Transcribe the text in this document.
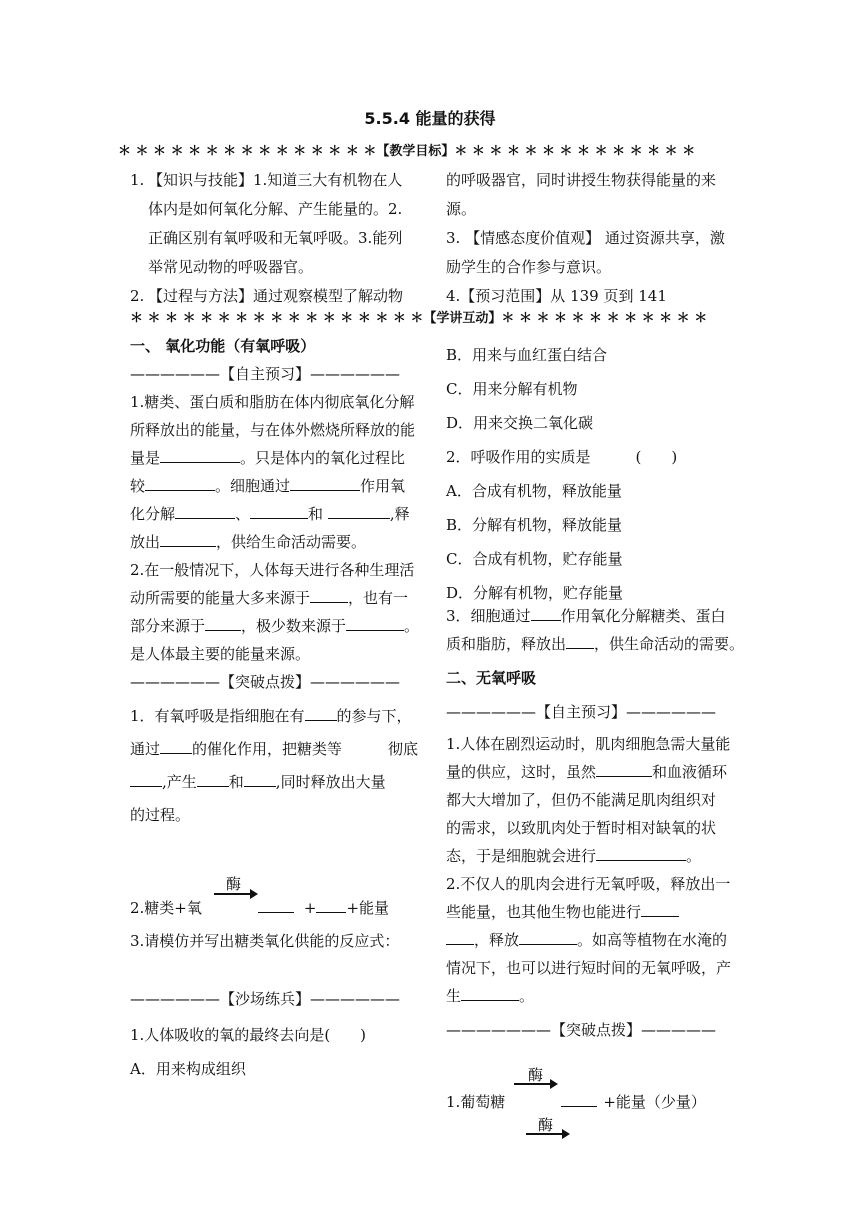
5.5.4 能量的获得
＊ ＊ ＊ ＊ ＊ ＊ ＊ ＊ ＊ ＊ ＊ ＊ ＊ ＊ ＊【教学目标】＊ ＊ ＊ ＊ ＊ ＊ ＊ ＊ ＊ ＊ ＊ ＊ ＊ ＊
1. 【知识与技能】1.知道三大有机物在人
体内是如何氧化分解、产生能量的。2.
正确区别有氧呼吸和无氧呼吸。3.能列
举常见动物的呼吸器官。
2. 【过程与方法】通过观察模型了解动物
的呼吸器官，同时讲授生物获得能量的来
源。
3. 【情感态度价值观】 通过资源共享，激
励学生的合作参与意识。
4.【预习范围】从 139 页到 141
＊ ＊ ＊ ＊ ＊ ＊ ＊ ＊ ＊ ＊ ＊ ＊ ＊ ＊ ＊ ＊ ＊【学讲互动】＊ ＊ ＊ ＊ ＊ ＊ ＊ ＊ ＊ ＊ ＊ ＊
一、 氧化功能（有氧呼吸）
——————【自主预习】——————
1.糖类、蛋白质和脂肪在体内彻底氧化分解
所释放出的能量，与在体外燃烧所释放的能
量是	。只是体内的氧化过程比
较	。细胞通过	作用氧
化分解	、	和	,释
放出	，供给生命活动需要。
2.在一般情况下，人体每天进行各种生理活
动所需要的能量大多来源于	，也有一
部分来源于 ，极少数来源于	。
是人体最主要的能量来源。
——————【突破点拨】——————
1．有氧呼吸是指细胞在有 的参与下，
通过 的催化作用，把糖类等	彻底
,产生 和 ,同时释放出大量
的过程。
酶
2.糖类+氧	+ +能量
3.请模仿并写出糖类氧化供能的反应式：
——————【沙场练兵】——————
1.人体吸收的氧的最终去向是(　　)
A．用来构成组织
B．用来与血红蛋白结合
C．用来分解有机物
D．用来交换二氧化碳
2．呼吸作用的实质是　　　(　　)
A．合成有机物，释放能量
B．分解有机物，释放能量
C．合成有机物，贮存能量
D．分解有机物，贮存能量
3．细胞通过 作用氧化分解糖类、蛋白
质和脂肪，释放出 ，供生命活动的需要。
二、无氧呼吸
——————【自主预习】——————
1.人体在剧烈运动时，肌肉细胞急需大量能
量的供应，这时，虽然	和血液循环
都大大增加了，但仍不能满足肌肉组织对
的需求，以致肌肉处于暂时相对缺氧的状
态，于是细胞就会进行	。
2.不仅人的肌肉会进行无氧呼吸，释放出一
些能量，也其他生物也能进行
，释放	。如高等植物在水淹的
情况下，也可以进行短时间的无氧呼吸，产
生	。
———————【突破点拨】—————
酶
1.葡萄糖	+能量（少量）
酶
